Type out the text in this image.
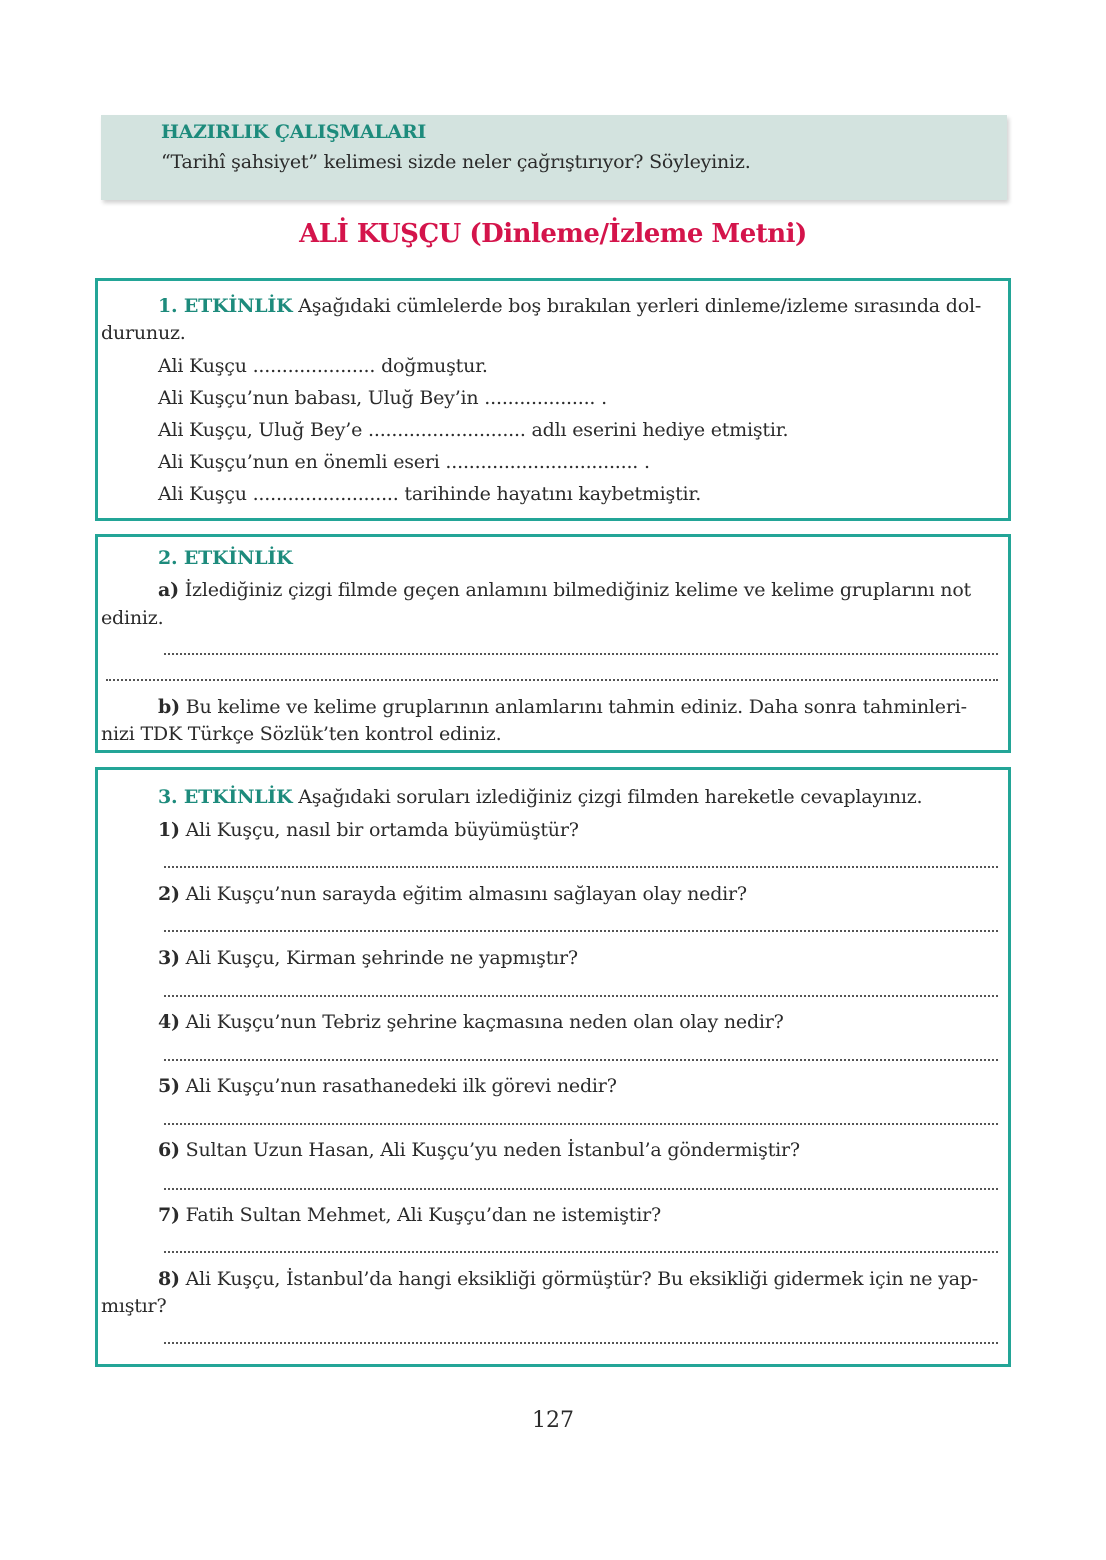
HAZIRLIK ÇALIŞMALARI
“Tarihî şahsiyet” kelimesi sizde neler çağrıştırıyor? Söyleyiniz.
ALİ KUŞÇU (Dinleme/İzleme Metni)
1. ETKİNLİK Aşağıdaki cümlelerde boş bırakılan yerleri dinleme/izleme sırasında dol-
durunuz.
Ali Kuşçu ..................... doğmuştur.
Ali Kuşçu’nun babası, Uluğ Bey’in ................... .
Ali Kuşçu, Uluğ Bey’e ........................... adlı eserini hediye etmiştir.
Ali Kuşçu’nun en önemli eseri ................................. .
Ali Kuşçu ......................... tarihinde hayatını kaybetmiştir.
2. ETKİNLİK
a) İzlediğiniz çizgi filmde geçen anlamını bilmediğiniz kelime ve kelime gruplarını not
ediniz.
b) Bu kelime ve kelime gruplarının anlamlarını tahmin ediniz. Daha sonra tahminleri-
nizi TDK Türkçe Sözlük’ten kontrol ediniz.
3. ETKİNLİK Aşağıdaki soruları izlediğiniz çizgi filmden hareketle cevaplayınız.
1) Ali Kuşçu, nasıl bir ortamda büyümüştür?
2) Ali Kuşçu’nun sarayda eğitim almasını sağlayan olay nedir?
3) Ali Kuşçu, Kirman şehrinde ne yapmıştır?
4) Ali Kuşçu’nun Tebriz şehrine kaçmasına neden olan olay nedir?
5) Ali Kuşçu’nun rasathanedeki ilk görevi nedir?
6) Sultan Uzun Hasan, Ali Kuşçu’yu neden İstanbul’a göndermiştir?
7) Fatih Sultan Mehmet, Ali Kuşçu’dan ne istemiştir?
8) Ali Kuşçu, İstanbul’da hangi eksikliği görmüştür? Bu eksikliği gidermek için ne yap-
mıştır?
127
